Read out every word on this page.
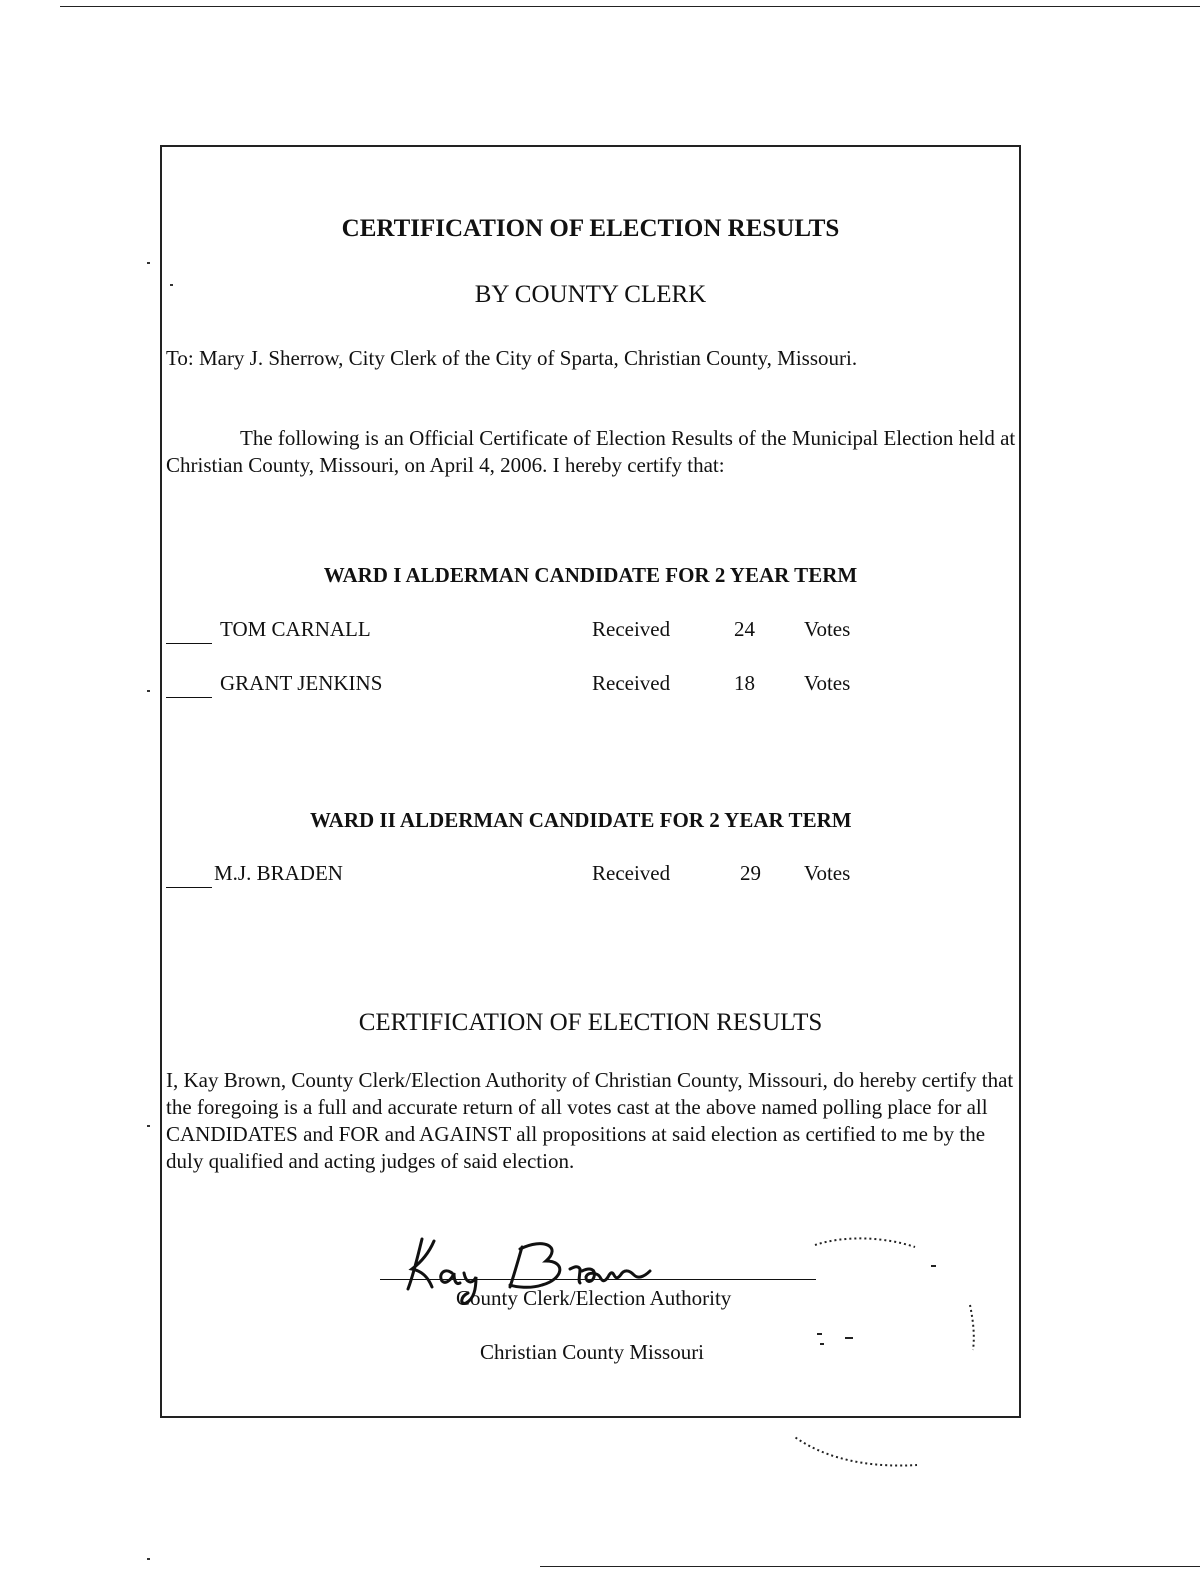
CERTIFICATION OF ELECTION RESULTS
BY COUNTY CLERK
To: Mary J. Sherrow, City Clerk of the City of Sparta, Christian County, Missouri.
The following is an Official Certificate of Election Results of the Municipal Election held at Christian County, Missouri, on April 4, 2006. I hereby certify that:
WARD I ALDERMAN CANDIDATE FOR 2 YEAR TERM
TOM CARNALL	Received	24 Votes
GRANT JENKINS	Received	18 Votes
WARD II ALDERMAN CANDIDATE FOR 2 YEAR TERM
M.J. BRADEN	Received	29 Votes
CERTIFICATION OF ELECTION RESULTS
I, Kay Brown, County Clerk/Election Authority of Christian County, Missouri, do hereby certify that the foregoing is a full and accurate return of all votes cast at the above named polling place for all CANDIDATES and FOR and AGAINST all propositions at said election as certified to me by the duly qualified and acting judges of said election.
County Clerk/Election Authority
Christian County Missouri
